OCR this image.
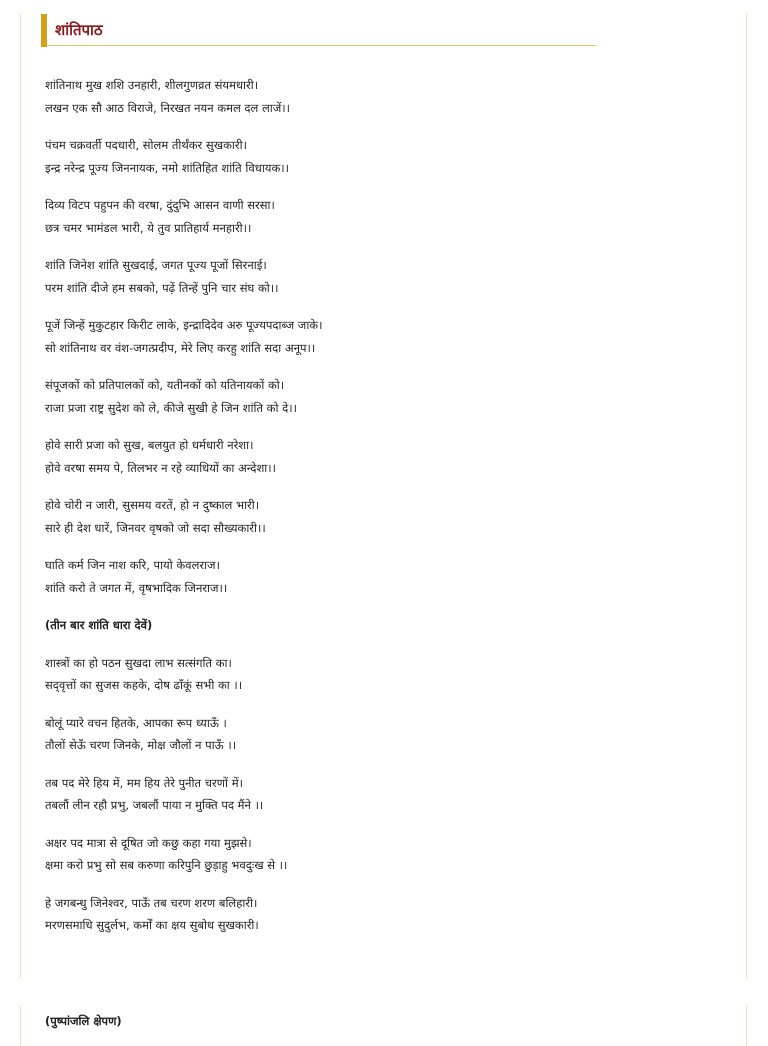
शांतिपाठ

शांतिनाथ मुख शशि उनहारी, शीलगुणव्रत संयमधारी।

लखन एक सौ आठ विराजे, निरखत नयन कमल दल लाजें।।

पंचम चक्रवर्ती पदधारी, सोलम तीर्थंकर सुखकारी।

इन्द्र नरेन्द्र पूज्य जिननायक, नमो शांतिहित शांति विधायक।।

दिव्य विटप पहुपन की वरषा, दुंदुभि आसन वाणी सरसा।

छत्र चमर भामंडल भारी, ये तुव प्रातिहार्य मनहारी।।

शांति जिनेश शांति सुखदाई, जगत पूज्य पूजों सिरनाई।

परम शांति दीजे हम सबको, पढ़ें तिन्हें पुनि चार संघ को।।

पूजें जिन्हें मुकुटहार किरीट लाके, इन्द्रादिदेव अरु पूज्यपदाब्ज जाके।

सो शांतिनाथ वर वंश-जगत्प्रदीप, मेरे लिए करहु शांति सदा अनूप।।

संपूजकों को प्रतिपालकों को, यतीनकों को यतिनायकों को।

राजा प्रजा राष्ट्र सुदेश को ले, कीजे सुखी हे जिन शांति को दे।।

होवे सारी प्रजा को सुख, बलयुत हो धर्मधारी नरेशा।

होवे वरषा समय पे, तिलभर न रहे व्याधियों का अन्देशा।।

होवे चोरी न जारी, सुसमय वरतें, हो न दुष्काल भारी।

सारे ही देश धारें, जिनवर वृषको जो सदा सौख्यकारी।।

घाति कर्म जिन नाश करि, पायो केवलराज।

शांति करो ते जगत में, वृषभादिक जिनराज।।

(तीन बार शांति धारा देवें)

शास्त्रों का हो पठन सुखदा लाभ सत्संगति का।

सद्‌वृत्तों का सुजस कहके, दोष ढाँकूं सभी का ।।

बोलूं प्यारे वचन हितके, आपका रूप ध्याऊँ ।

तौलों सेऊँ चरण जिनके, मोक्ष जौलों न पाऊँ ।।

तब पद मेरे हिय में, मम हिय तेरे पुनीत चरणों में।

तबलौं लीन रहौ प्रभु, जबलौं पाया न मुक्ति पद मैंने ।।

अक्षर पद मात्रा से दूषित जो कछु कहा गया मुझसे।

क्षमा करो प्रभु सो सब करुणा करिपुनि छुड़ाहु भवदुःख से ।।

हे जगबन्धु जिनेश्वर, पाऊँ तब चरण शरण बलिहारी।

मरणसमाधि सुदुर्लभ, कर्मों का क्षय सुबोध सुखकारी।

(पुष्पांजलि क्षेपण)
